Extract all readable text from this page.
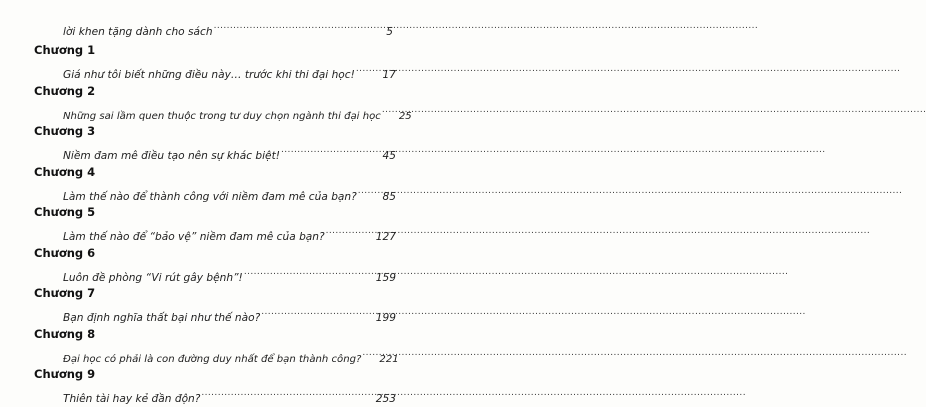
lời khen tặng dành cho sách .....	5
Chương 1
Giá như tôi biết những điều này… trước khi thi đại học! .....	17
Chương 2
Những sai lầm quen thuộc trong tư duy chọn ngành thi đại học ..... 25
Chương 3
Niềm đam mê điều tạo nên sự khác biệt! .....	45
Chương 4
Làm thế nào để thành công với niềm đam mê của bạn? ..... 85
Chương 5
Làm thế nào để “bảo vệ” niềm đam mê của bạn? .....	127
Chương 6
Luôn đề phòng “Vi rút gây bệnh”! .....	159
Chương 7
Bạn định nghĩa thất bại như thế nào? .....	199
Chương 8
Đại học có phải là con đường duy nhất để bạn thành công? ..... 221
Chương 9
Thiên tài hay kẻ đần độn? .....	253
